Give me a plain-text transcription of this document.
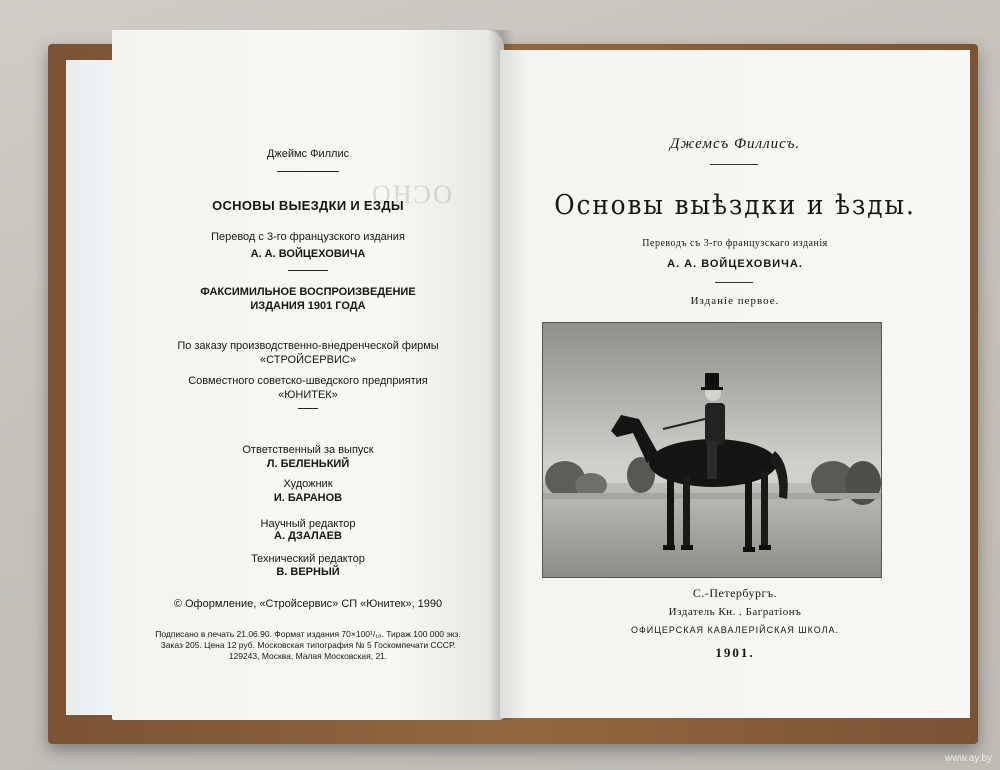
ОСНО
Джеймс Филлис
ОСНОВЫ ВЫЕЗДКИ И ЕЗДЫ
Перевод с 3-го французского издания
А. А. ВОЙЦЕХОВИЧА
ФАКСИМИЛЬНОЕ ВОСПРОИЗВЕДЕНИЕ
ИЗДАНИЯ 1901 ГОДА
По заказу производственно-внедренческой фирмы
«СТРОЙСЕРВИС»
Совместного советско-шведского предприятия
«ЮНИТЕК»
Ответственный за выпуск
Л. БЕЛЕНЬКИЙ
Художник
И. БАРАНОВ
Научный редактор
А. ДЗАЛАЕВ
Технический редактор
В. ВЕРНЫЙ
© Оформление, «Стройсервис» СП «Юнитек», 1990
Подписано в печать 21.06.90. Формат издания 70×100¹/₁₆. Тираж 100 000 экз.
Заказ 205. Цена 12 руб. Московская типография № 5 Госкомпечати СССР.
129243, Москва, Малая Московская, 21.
Джемсъ Филлисъ.
Основы выѣздки и ѣзды.
Переводъ съ 3-го французскаго изданія
А. А. ВОЙЦЕХОВИЧА.
Изданіе первое.
С.-Петербургъ.
Издатель Кн. . Багратіонъ
ОФИЦЕРСКАЯ КАВАЛЕРІЙСКАЯ ШКОЛА.
1901.
www.ay.by
